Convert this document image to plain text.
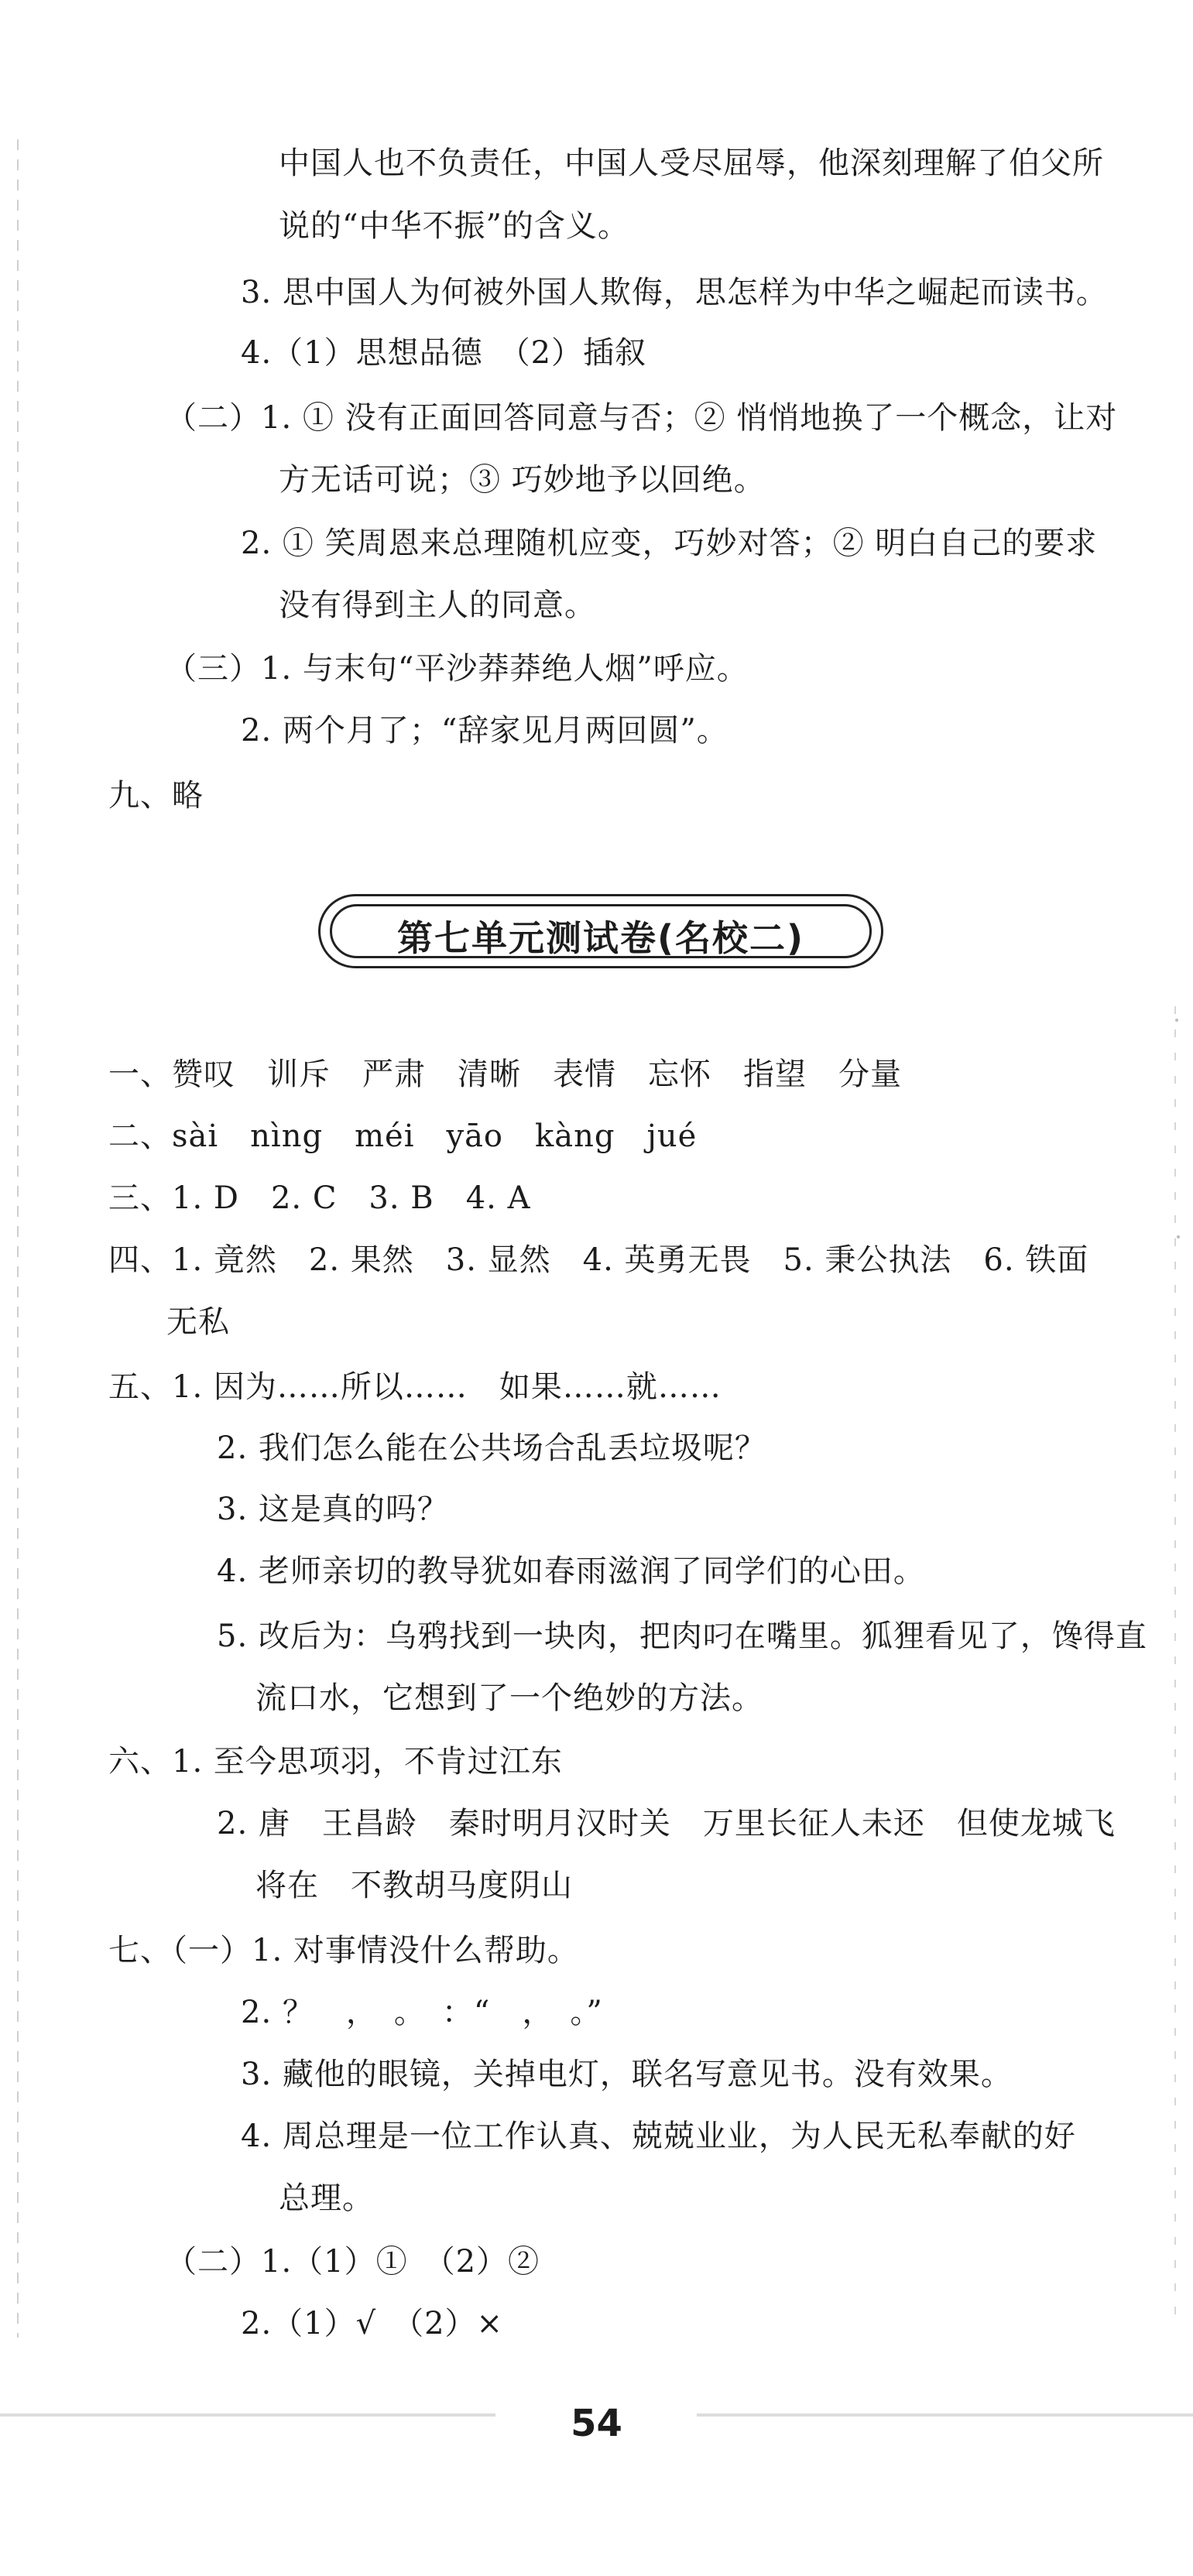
中国人也不负责任，中国人受尽屈辱，他深刻理解了伯父所
说的“中华不振”的含义。
3. 思中国人为何被外国人欺侮，思怎样为中华之崛起而读书。
4.（1）思想品德　（2）插叙
（二）1. ① 没有正面回答同意与否；② 悄悄地换了一个概念，让对
方无话可说；③ 巧妙地予以回绝。
2. ① 笑周恩来总理随机应变，巧妙对答；② 明白自己的要求
没有得到主人的同意。
（三）1. 与末句“平沙莽莽绝人烟”呼应。
2. 两个月了；“辞家见月两回圆”。
九、略
一、赞叹　训斥　严肃　清晰　表情　忘怀　指望　分量
二、sài　nìng　méi　yāo　kàng　jué
三、1. D　2. C　3. B　4. A
四、1. 竟然　2. 果然　3. 显然　4. 英勇无畏　5. 秉公执法　6. 铁面
无私
五、1. 因为……所以……　如果……就……
2. 我们怎么能在公共场合乱丢垃圾呢？
3. 这是真的吗？
4. 老师亲切的教导犹如春雨滋润了同学们的心田。
5. 改后为：乌鸦找到一块肉，把肉叼在嘴里。狐狸看见了，馋得直
流口水，它想到了一个绝妙的方法。
六、1. 至今思项羽，不肯过江东
2. 唐　王昌龄　秦时明月汉时关　万里长征人未还　但使龙城飞
将在　不教胡马度阴山
七、（一）1. 对事情没什么帮助。
2. ？　，　。　：“　，　。”
3. 藏他的眼镜，关掉电灯，联名写意见书。没有效果。
4. 周总理是一位工作认真、兢兢业业，为人民无私奉献的好
总理。
（二）1.（1）①　（2）②
2.（1）√　（2）×
第七单元测试卷(名校二)
54
